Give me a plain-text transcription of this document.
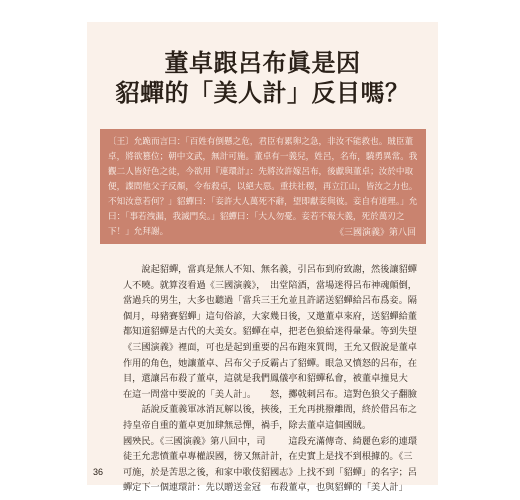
董卓跟呂布眞是因
貂蟬的「美人計」反目嗎？
〔王〕允跪而言曰：「百姓有倒懸之危，君臣有累卵之急，非汝不能救也。賊臣董卓，將欲篡位；朝中文武，無計可施。董卓有一義兒，姓呂，名布，驍勇異常。我觀二人皆好色之徒，今欲用『連環計』：先將汝許嫁呂布，後獻與董卓；汝於中取便，諜間他父子反顏，令布殺卓，以絕大惡。重扶社稷，再立江山，皆汝之力也。不知汝意若何？」貂蟬曰：「妾許大人萬死不辭，望即獻妾與彼。妾自有道理。」允曰：「事若洩漏，我滅門矣。」貂蟬曰：「大人勿憂。妾若不報大義，死於萬刃之下！」允拜謝。	《三國演義》第八回

說起貂蟬，當真是無人不知、無人不曉。就算沒看過《三國演義》，當過兵的男生，大多也聽過「當兵三個月，母豬賽貂蟬」這句俗諺，大家都知道貂蟬是古代的大美女。貂蟬在《三國演義》裡面，可也是起到重要作用的角色，她讓董卓、呂布父子反目，還讓呂布殺了董卓，這就是我們在這一問當中要說的「美人計」。

話說反董義軍冰消瓦解以後，挾持皇帝自重的董卓更加肆無忌憚，禍國殃民。《三國演義》第八回中，司徒王允悲憤董卓專權誤國，徬又無計可施，於是苦思之後，和家中歌伎貂蟬定下一個連環計：先以贈送金冠

名義，引呂布到府致謝，然後讓貂蟬出堂陪酒，當場迷得呂布神魂顛倒，王允並且許諾送貂蟬給呂布爲妾。隔幾日後，又邀董卓來府，送貂蟬給董卓，把老色狼給迷得暈暈。等到失望的呂布跑來質問，王允又假說是董卓霸占了貂蟬。眼急又憤怒的呂布，在鳳儀亭和貂蟬私會，被董卓撞見大怒，擲戟刺呂布。這對色狼父子翻臉後，王允再挑撥離間，終於借呂布之手，除去董卓這個國賊。

這段充滿傳奇、綺麗色彩的連環計，在史實上是找不到根據的。《三國志》上找不到「貂蟬」的名字；呂布殺董卓，也與貂蟬的「美人計」

36
